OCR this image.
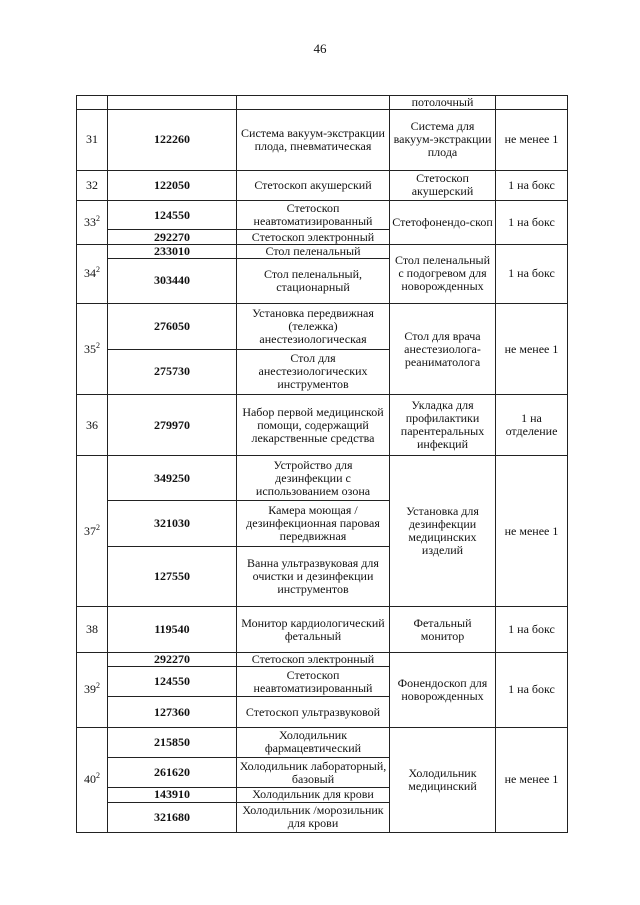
46
			потолочный	
31	122260	Система вакуум-экстракции плода, пневматическая	Система для вакуум-экстракции плода	не менее 1
32	122050	Стетоскоп акушерский	Стетоскоп акушерский	1 на бокс
$33^2$	124550	Стетоскоп неавтоматизированный	Стетофонендо-скоп	1 на бокс
	292270	Стетоскоп электронный		
$34^2$	233010	Стол пеленальный	Стол пеленальный с подогревом для новорожденных	1 на бокс
	303440	Стол пеленальный, стационарный		
$35^2$	276050	Установка передвижная (тележка) анестезиологическая	Стол для врача анестезиолога-реаниматолога	не менее 1
	275730	Стол для анестезиологических инструментов		
36	279970	Набор первой медицинской помощи, содержащий лекарственные средства	Укладка для профилактики парентеральных инфекций	1 на отделение
$37^2$	349250	Устройство для дезинфекции с использованием озона	Установка для дезинфекции медицинских изделий	не менее 1
	321030	Камера моющая /дезинфекционная паровая передвижная		
	127550	Ванна ультразвуковая для очистки и дезинфекции инструментов		
38	119540	Монитор кардиологический фетальный	Фетальный монитор	1 на бокс
$39^2$	292270	Стетоскоп электронный	Фонендоскоп для новорожденных	1 на бокс
	124550	Стетоскоп неавтоматизированный		
	127360	Стетоскоп ультразвуковой		
$40^2$	215850	Холодильник фармацевтический	Холодильник медицинский	не менее 1
	261620	Холодильник лабораторный, базовый		
	143910	Холодильник для крови		
	321680	Холодильник /морозильник для крови		
